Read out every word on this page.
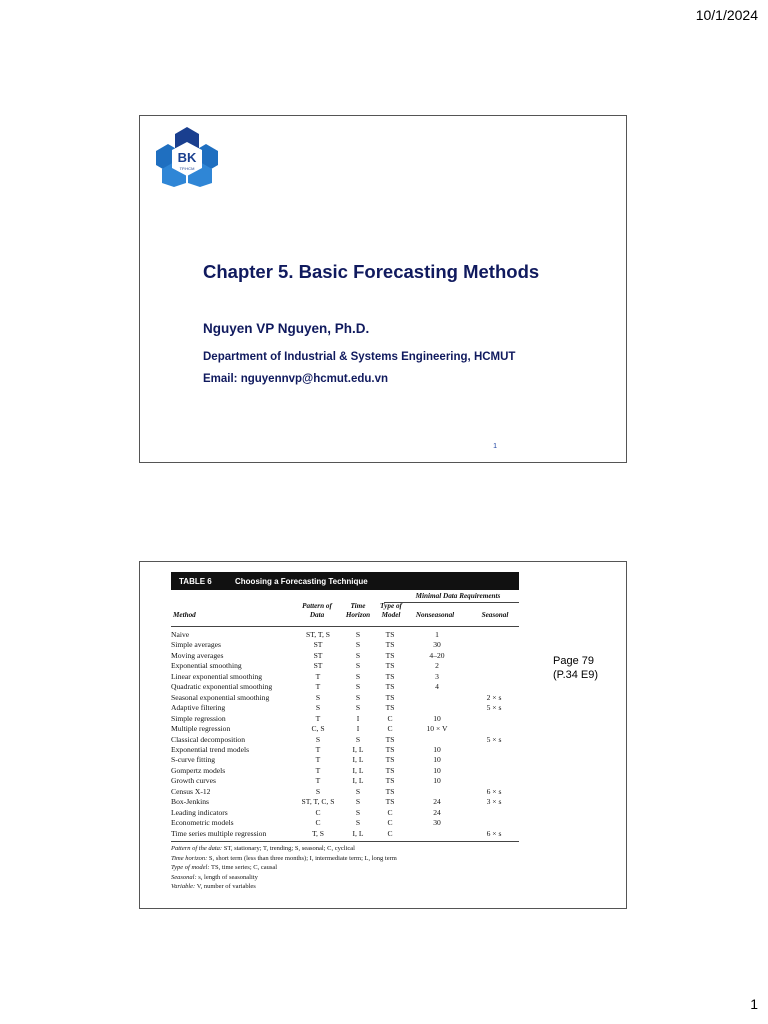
10/1/2024
BK
TP.HCM
Chapter 5. Basic Forecasting Methods
Nguyen VP Nguyen, Ph.D.
Department of Industrial & Systems Engineering, HCMUT
Email: nguyennvp@hcmut.edu.vn
1
TABLE 6	Choosing a Forecasting Technique
Method
Pattern of Data
Time Horizon
Type of Model
Minimal Data Requirements
Nonseasonal	Seasonal
Naive	ST, T, S	S	TS	1	
Simple averages	ST	S	TS	30	
Moving averages	ST	S	TS	4–20	
Exponential smoothing	ST	S	TS	2	
Linear exponential smoothing	T	S	TS	3	
Quadratic exponential smoothing	T	S	TS	4	
Seasonal exponential smoothing	S	S	TS		2 × s
Adaptive filtering	S	S	TS		5 × s
Simple regression	T	I	C	10	
Multiple regression	C, S	I	C	10 × V	
Classical decomposition	S	S	TS		5 × s
Exponential trend models	T	I, L	TS	10	
S-curve fitting	T	I, L	TS	10	
Gompertz models	T	I, L	TS	10	
Growth curves	T	I, L	TS	10	
Census X-12	S	S	TS		6 × s
Box-Jenkins	ST, T, C, S	S	TS	24	3 × s
Leading indicators	C	S	C	24	
Econometric models	C	S	C	30	
Time series multiple regression	T, S	I, L	C		6 × s
Pattern of the data: ST, stationary; T, trending; S, seasonal; C, cyclical
Time horizon: S, short term (less than three months); I, intermediate term; L, long term
Type of model: TS, time series; C, causal
Seasonal: s, length of seasonality
Variable: V, number of variables
Page 79
(P.34 E9)
1
